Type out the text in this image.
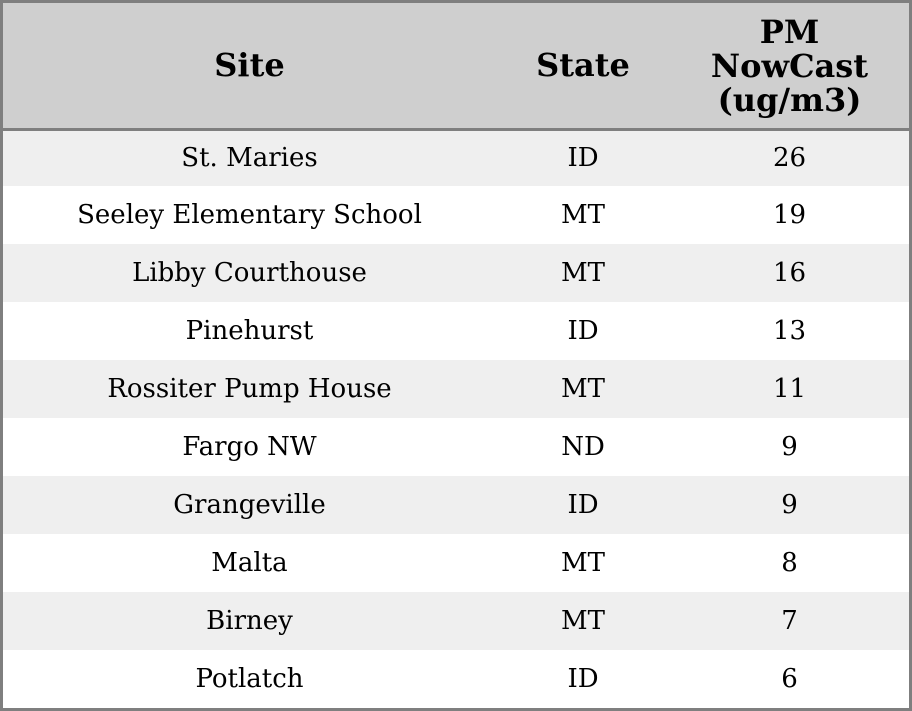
Site	State	PM
NowCast
(ug/m3)

St. Maries	ID	26
Seeley Elementary School	MT	19
Libby Courthouse	MT	16
Pinehurst	ID	13
Rossiter Pump House	MT	11
Fargo NW	ND	9
Grangeville	ID	9
Malta	MT	8
Birney	MT	7
Potlatch	ID	6
